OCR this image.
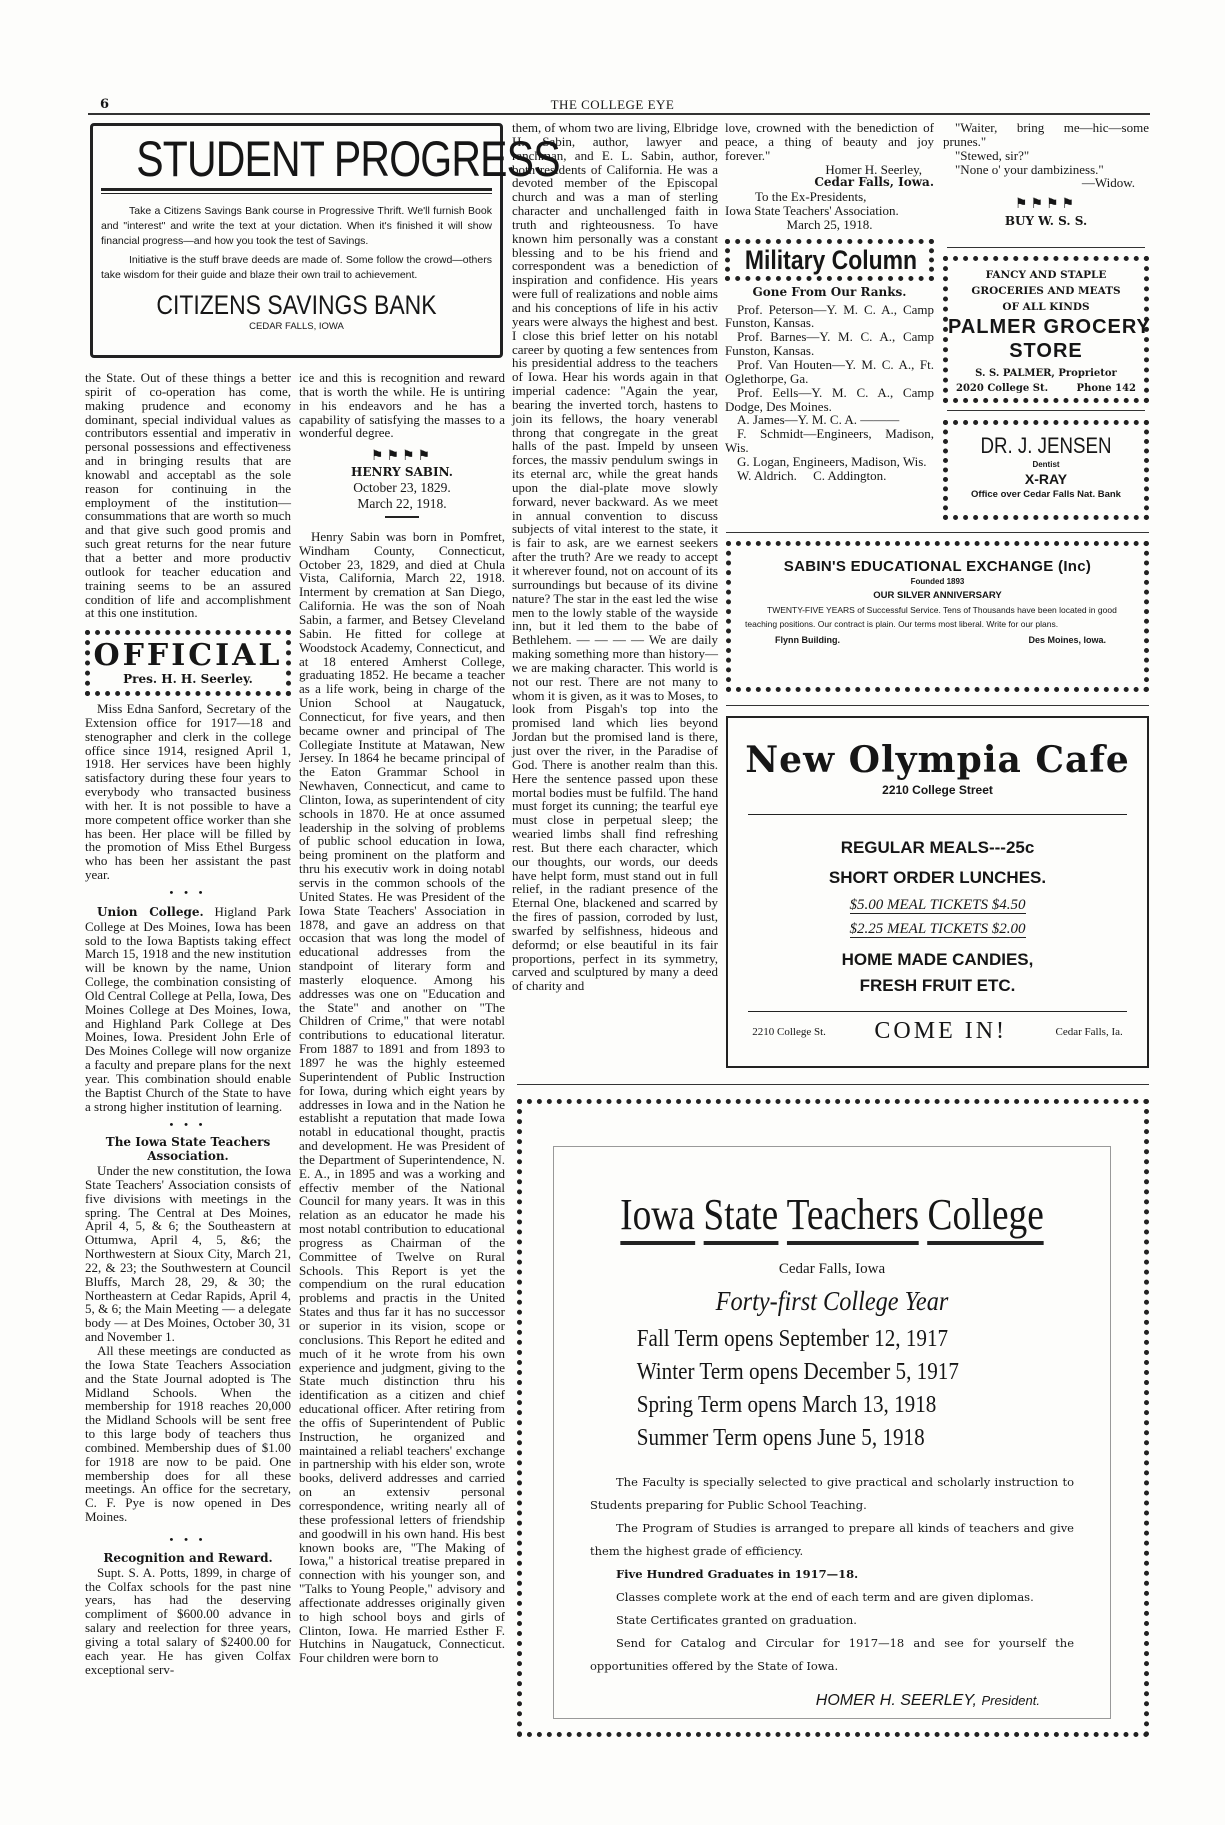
6	THE COLLEGE EYE
STUDENT PROGRESS

Take a Citizens Savings Bank course in Progressive Thrift. We'll furnish Book and "interest" and write the text at your dictation. When it's finished it will show financial progress—and how you took the test of Savings.

Initiative is the stuff brave deeds are made of. Some follow the crowd—others take wisdom for their guide and blaze their own trail to achievement.

CITIZENS SAVINGS BANK
CEDAR FALLS, IOWA

the State. Out of these things a better spirit of co-operation has come, making prudence and economy dominant, special individual values as contributors essential and imperativ in personal possessions and effectiveness and in bringing results that are knowabl and acceptabl as the sole reason for continuing in the employment of the institution—consummations that are worth so much and that give such good promis and such great returns for the near future that a better and more productiv outlook for teacher education and training seems to be an assured condition of life and accomplishment at this one institution.

OFFICIAL
Pres. H. H. Seerley.

Miss Edna Sanford, Secretary of the Extension office for 1917—18 and stenographer and clerk in the college office since 1914, resigned April 1, 1918. Her services have been highly satisfactory during these four years to everybody who transacted business with her. It is not possible to have a more competent office worker than she has been. Her place will be filled by the promotion of Miss Ethel Burgess who has been her assistant the past year.

• • •

Union College. Higland Park College at Des Moines, Iowa has been sold to the Iowa Baptists taking effect March 15, 1918 and the new institution will be known by the name, Union College, the combination consisting of Old Central College at Pella, Iowa, Des Moines College at Des Moines, Iowa, and Highland Park College at Des Moines, Iowa. President John Erle of Des Moines College will now organize a faculty and prepare plans for the next year. This combination should enable the Baptist Church of the State to have a strong higher institution of learning.

• • •
The Iowa State Teachers Association.

Under the new constitution, the Iowa State Teachers' Association consists of five divisions with meetings in the spring. The Central at Des Moines, April 4, 5, & 6; the Southeastern at Ottumwa, April 4, 5, &6; the Northwestern at Sioux City, March 21, 22, & 23; the Southwestern at Council Bluffs, March 28, 29, & 30; the Northeastern at Cedar Rapids, April 4, 5, & 6; the Main Meeting — a delegate body — at Des Moines, October 30, 31 and November 1.

All these meetings are conducted as the Iowa State Teachers Association and the State Journal adopted is The Midland Schools. When the membership for 1918 reaches 20,000 the Midland Schools will be sent free to this large body of teachers thus combined. Membership dues of $1.00 for 1918 are now to be paid. One membership does for all these meetings. An office for the secretary, C. F. Pye is now opened in Des Moines.

• • •
Recognition and Reward.

Supt. S. A. Potts, 1899, in charge of the Colfax schools for the past nine years, has had the deserving compliment of $600.00 advance in salary and reelection for three years, giving a total salary of $2400.00 for each year. He has given Colfax exceptional serv-

ice and this is recognition and reward that is worth the while. He is untiring in his endeavors and he has a capability of satisfying the masses to a wonderful degree.

⚑⚑⚑⚑
HENRY SABIN.
October 23, 1829.
March 22, 1918.

Henry Sabin was born in Pomfret, Windham County, Connecticut, October 23, 1829, and died at Chula Vista, California, March 22, 1918. Interment by cremation at San Diego, California. He was the son of Noah Sabin, a farmer, and Betsey Cleveland Sabin. He fitted for college at Woodstock Academy, Connecticut, and at 18 entered Amherst College, graduating 1852. He became a teacher as a life work, being in charge of the Union School at Naugatuck, Connecticut, for five years, and then became owner and principal of The Collegiate Institute at Matawan, New Jersey. In 1864 he became principal of the Eaton Grammar School in Newhaven, Connecticut, and came to Clinton, Iowa, as superintendent of city schools in 1870. He at once assumed leadership in the solving of problems of public school education in Iowa, being prominent on the platform and thru his executiv work in doing notabl servis in the common schools of the United States. He was President of the Iowa State Teachers' Association in 1878, and gave an address on that occasion that was long the model of educational addresses from the standpoint of literary form and masterly eloquence. Among his addresses was one on "Education and the State" and another on "The Children of Crime," that were notabl contributions to educational literatur. From 1887 to 1891 and from 1893 to 1897 he was the highly esteemed Superintendent of Public Instruction for Iowa, during which eight years by addresses in Iowa and in the Nation he establisht a reputation that made Iowa notabl in educational thought, practis and development. He was President of the Department of Superintendence, N. E. A., in 1895 and was a working and effectiv member of the National Council for many years. It was in this relation as an educator he made his most notabl contribution to educational progress as Chairman of the Committee of Twelve on Rural Schools. This Report is yet the compendium on the rural education problems and practis in the United States and thus far it has no successor or superior in its vision, scope or conclusions. This Report he edited and much of it he wrote from his own experience and judgment, giving to the State much distinction thru his identification as a citizen and chief educational officer. After retiring from the offis of Superintendent of Public Instruction, he organized and maintained a reliabl teachers' exchange in partnership with his elder son, wrote books, deliverd addresses and carried on an extensiv personal correspondence, writing nearly all of these professional letters of friendship and goodwill in his own hand. His best known books are, "The Making of Iowa," a historical treatise prepared in connection with his younger son, and "Talks to Young People," advisory and affectionate addresses originally given to high school boys and girls of Clinton, Iowa. He married Esther F. Hutchins in Naugatuck, Connecticut. Four children were born to

them, of whom two are living, Elbridge H. Sabin, author, lawyer and ranchman, and E. L. Sabin, author, both residents of California. He was a devoted member of the Episcopal church and was a man of sterling character and unchallenged faith in truth and righteousness. To have known him personally was a constant blessing and to be his friend and correspondent was a benediction of inspiration and confidence. His years were full of realizations and noble aims and his conceptions of life in his activ years were always the highest and best. I close this brief letter on his notabl career by quoting a few sentences from his presidential address to the teachers of Iowa. Hear his words again in that imperial cadence: "Again the year, bearing the inverted torch, hastens to join its fellows, the hoary venerabl throng that congregate in the great halls of the past. Impeld by unseen forces, the massiv pendulum swings in its eternal arc, while the great hands upon the dial-plate move slowly forward, never backward. As we meet in annual convention to discuss subjects of vital interest to the state, it is fair to ask, are we earnest seekers after the truth? Are we ready to accept it wherever found, not on account of its surroundings but because of its divine nature? The star in the east led the wise men to the lowly stable of the wayside inn, but it led them to the babe of Bethlehem. — — — — We are daily making something more than history—we are making character. This world is not our rest. There are not many to whom it is given, as it was to Moses, to look from Pisgah's top into the promised land which lies beyond Jordan but the promised land is there, just over the river, in the Paradise of God. There is another realm than this. Here the sentence passed upon these mortal bodies must be fulfild. The hand must forget its cunning; the tearful eye must close in perpetual sleep; the wearied limbs shall find refreshing rest. But there each character, which our thoughts, our words, our deeds have helpt form, must stand out in full relief, in the radiant presence of the Eternal One, blackened and scarred by the fires of passion, corroded by lust, swarfed by selfishness, hideous and deformd; or else beautiful in its fair proportions, perfect in its symmetry, carved and sculptured by many a deed of charity and

love, crowned with the benediction of peace, a thing of beauty and joy forever."

Homer H. Seerley,
Cedar Falls, Iowa.
To the Ex-Presidents,
Iowa State Teachers' Association.
March 25, 1918.
Military Column
Gone From Our Ranks.

Prof. Peterson—Y. M. C. A., Camp Funston, Kansas.

Prof. Barnes—Y. M. C. A., Camp Funston, Kansas.

Prof. Van Houten—Y. M. C. A., Ft. Oglethorpe, Ga.

Prof. Eells—Y. M. C. A., Camp Dodge, Des Moines.

A. James—Y. M. C. A. ———

F. Schmidt—Engineers, Madison, Wis.

G. Logan, Engineers, Madison, Wis.

W. Aldrich.     C. Addington.

"Waiter, bring me—hic—some prunes."

"Stewed, sir?"

"None o' your dambiziness."

—Widow.
⚑⚑⚑⚑
BUY W. S. S.
FANCY AND STAPLE
GROCERIES AND MEATS
OF ALL KINDS
PALMER GROCERY
STORE
S. S. PALMER, Proprietor
2020 College St.	Phone 142
DR. J. JENSEN
Dentist
X-RAY
Office over Cedar Falls Nat. Bank
SABIN'S EDUCATIONAL EXCHANGE (Inc)
Founded 1893
OUR SILVER ANNIVERSARY
TWENTY-FIVE YEARS of Successful Service. Tens of Thousands have been located in good teaching positions. Our contract is plain. Our terms most liberal. Write for our plans.
Flynn Building.	Des Moines, Iowa.
New Olympia Cafe
2210 College Street
REGULAR MEALS---25c
SHORT ORDER LUNCHES.
$5.00 MEAL TICKETS $4.50
$2.25 MEAL TICKETS $2.00
HOME MADE CANDIES,
FRESH FRUIT ETC.
2210 College St. COME IN!	Cedar Falls, Ia.
Iowa State Teachers College
Cedar Falls, Iowa
Forty-first College Year
Fall Term opens September 12, 1917
Winter Term opens December 5, 1917
Spring Term opens March 13, 1918
Summer Term opens June 5, 1918

The Faculty is specially selected to give practical and scholarly instruction to Students preparing for Public School Teaching.

The Program of Studies is arranged to prepare all kinds of teachers and give them the highest grade of efficiency.

Five Hundred Graduates in 1917—18.

Classes complete work at the end of each term and are given diplomas.

State Certificates granted on graduation.

Send for Catalog and Circular for 1917—18 and see for yourself the opportunities offered by the State of Iowa.

HOMER H. SEERLEY, President.
